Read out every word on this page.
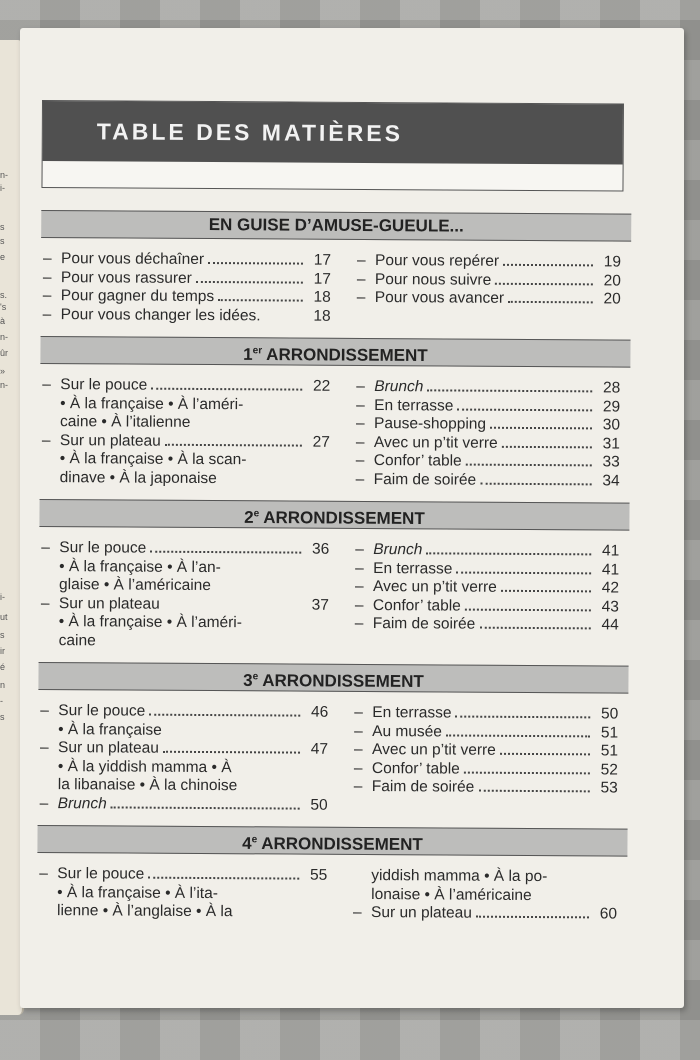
n-
i-
s
s
e
s.
's
à
n-
ûr
»
n-
i-
ut
s
ir
é
n
-
s
TABLE DES MATIÈRES
EN GUISE D’AMUSE-GUEULE...
– Pour vous déchaîner	17
– Pour vous rassurer	17
– Pour gagner du temps	18
– Pour vous changer les idées.	18
– Pour vous repérer	19
– Pour nous suivre	20
– Pour vous avancer	20
1er ARRONDISSEMENT
– Sur le pouce	22
• À la française • À l’améri-
caine • À l’italienne
– Sur un plateau	27
• À la française • À la scan-
dinave • À la japonaise
– Brunch	28
– En terrasse	29
– Pause-shopping	30
– Avec un p’tit verre	31
– Confor’ table	33
– Faim de soirée	34
2e ARRONDISSEMENT
– Sur le pouce	36
• À la française • À l’an-
glaise • À l’américaine
– Sur un plateau	37
• À la française • À l’améri-
caine
– Brunch	41
– En terrasse	41
– Avec un p’tit verre	42
– Confor’ table	43
– Faim de soirée	44
3e ARRONDISSEMENT
– Sur le pouce	46
• À la française
– Sur un plateau	47
• À la yiddish mamma • À
la libanaise • À la chinoise
– Brunch	50
– En terrasse	50
– Au musée	51
– Avec un p’tit verre	51
– Confor’ table	52
– Faim de soirée	53
4e ARRONDISSEMENT
– Sur le pouce	55
• À la française • À l’ita-
lienne • À l’anglaise • À la
yiddish mamma • À la po-
lonaise • À l’américaine
– Sur un plateau	60
